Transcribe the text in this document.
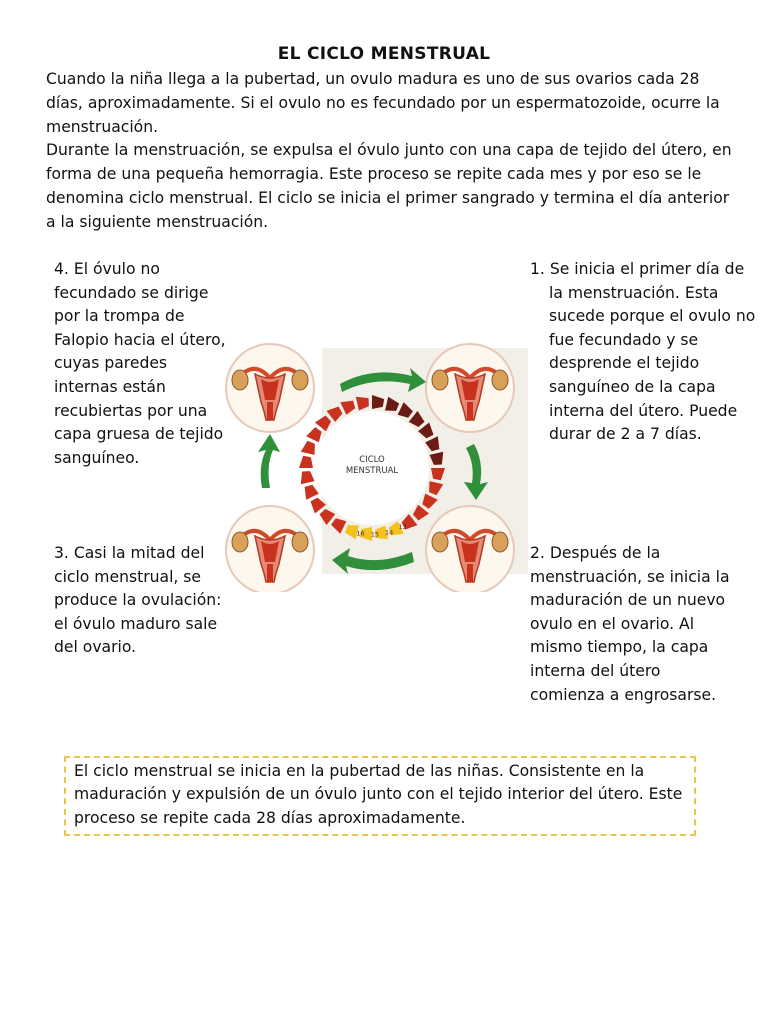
EL CICLO MENSTRUAL

Cuando la niña llega a la pubertad, un ovulo madura es uno de sus ovarios cada 28 días, aproximadamente. Si el ovulo no es fecundado por un espermatozoide, ocurre la menstruación.

Durante la menstruación, se expulsa el óvulo junto con una capa de tejido del útero, en forma de una pequeña hemorragia. Este proceso se repite cada mes y por eso se le denomina ciclo menstrual. El ciclo se inicia el primer sangrado y termina el día anterior a la siguiente menstruación.

4. El óvulo no fecundado se dirige por la trompa de Falopio hacia el útero, cuyas paredes internas están recubiertas por una capa gruesa de tejido sanguíneo.

1. Se inicia el primer día de la menstruación. Esta sucede porque el ovulo no fue fecundado y se desprende el tejido sanguíneo de la capa interna del útero. Puede durar de 2 a 7 días.

3. Casi la mitad del ciclo menstrual, se produce la ovulación: el óvulo maduro sale del ovario.

2. Después de la menstruación, se inicia la maduración de un nuevo ovulo en el ovario. Al mismo tiempo, la capa interna del útero comienza a engrosarse.

CICLO
MENSTRUAL
16 15 14
13
El ciclo menstrual se inicia en la pubertad de las niñas. Consistente en la maduración y expulsión de un óvulo junto con el tejido interior del útero. Este proceso se repite cada 28 días aproximadamente.
